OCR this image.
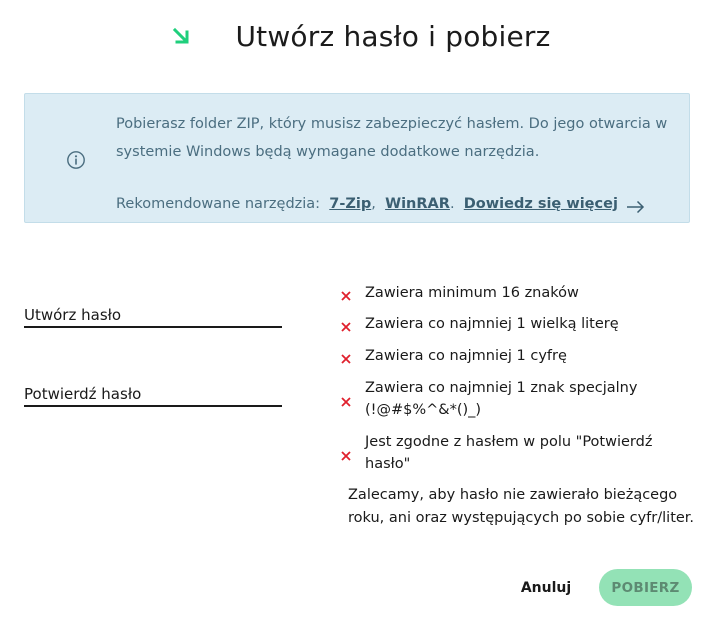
Utwórz hasło i pobierz
Pobierasz folder ZIP, który musisz zabezpieczyć hasłem. Do jego otwarcia w systemie Windows będą wymagane dodatkowe narzędzia.
Rekomendowane narzędzia:
7-Zip ,
WinRAR .
Dowiedz się więcej
Utwórz hasło
Potwierdź hasło
Zawiera minimum 16 znaków
Zawiera co najmniej 1 wielką literę
Zawiera co najmniej 1 cyfrę
Zawiera co najmniej 1 znak specjalny (!@#$%^&*()_)
Jest zgodne z hasłem w polu "Potwierdź hasło"
Zalecamy, aby hasło nie zawierało bieżącego roku, ani oraz występujących po sobie cyfr/liter.
Anuluj	POBIERZ
